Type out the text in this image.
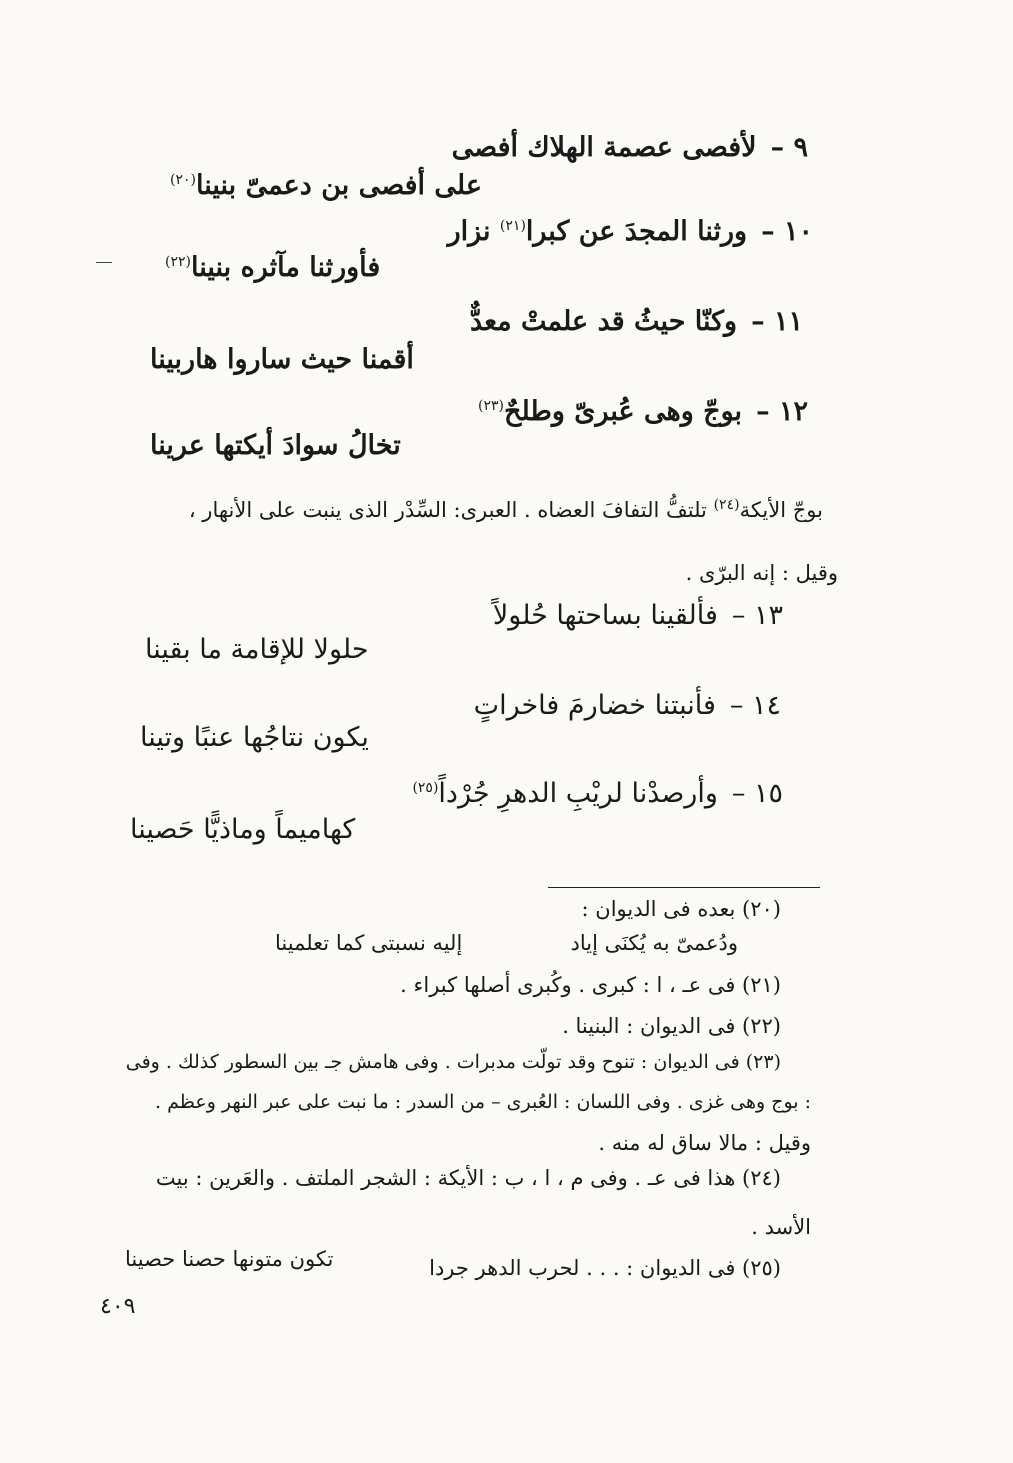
٩ –لأفصى عصمة الهلاك أفصى
على أفصى بن دعمىّ بنينا$^{(٢٠)}$
١٠ –ورثنا المجدَ عن كبرا$^{(٢١)}$ نزار
فأورثنا مآثره بنينا$^{(٢٢)}$
١١ –وكنّا حيثُ قد علمتْ معدٌّ
أقمنا حيث ساروا هاربينا
١٢ –بوجّ وهى عُبرىّ وطلحٌ$^{(٢٣)}$
تخالُ سوادَ أيكتها عرينا
بوجّ الأيكة$^{(٢٤)}$ تلتفُّ التفافَ العضاه . العبرى: السِّدْر الذى ينبت على الأنهار ،
وقيل : إنه البرّى .
١٣ –فألقينا بساحتها حُلولاً
حلولا للإقامة ما بقينا
١٤ –فأنبتنا خضارمَ فاخراتٍ
يكون نتاجُها عنبًا وتينا
١٥ –وأرصدْنا لريْبِ الدهرِ جُرْداً$^{(٢٥)}$
كهاميماً وماذيًّا حَصينا
(٢٠) بعده فى الديوان :
ودُعمىّ به يُكنَى إياد
إليه نسبتى كما تعلمينا
(٢١) فى عـ ، ا : كبرى . وكُبرى أصلها كبراء .
(٢٢) فى الديوان : البنينا .
(٢٣) فى الديوان : تنوح وقد تولّت مدبرات . وفى هامش جـ بين السطور كذلك . وفى
: بوج وهى غزى . وفى اللسان : العُبرى – من السدر : ما نبت على عبر النهر وعظم .
وقيل : مالا ساق له منه .
(٢٤) هذا فى عـ . وفى م ، ا ، ب : الأيكة : الشجر الملتف . والعَرين : بيت
الأسد .
(٢٥) فى الديوان : . . . لحرب الدهر جردا
تكون متونها حصنا حصينا
٤٠٩
